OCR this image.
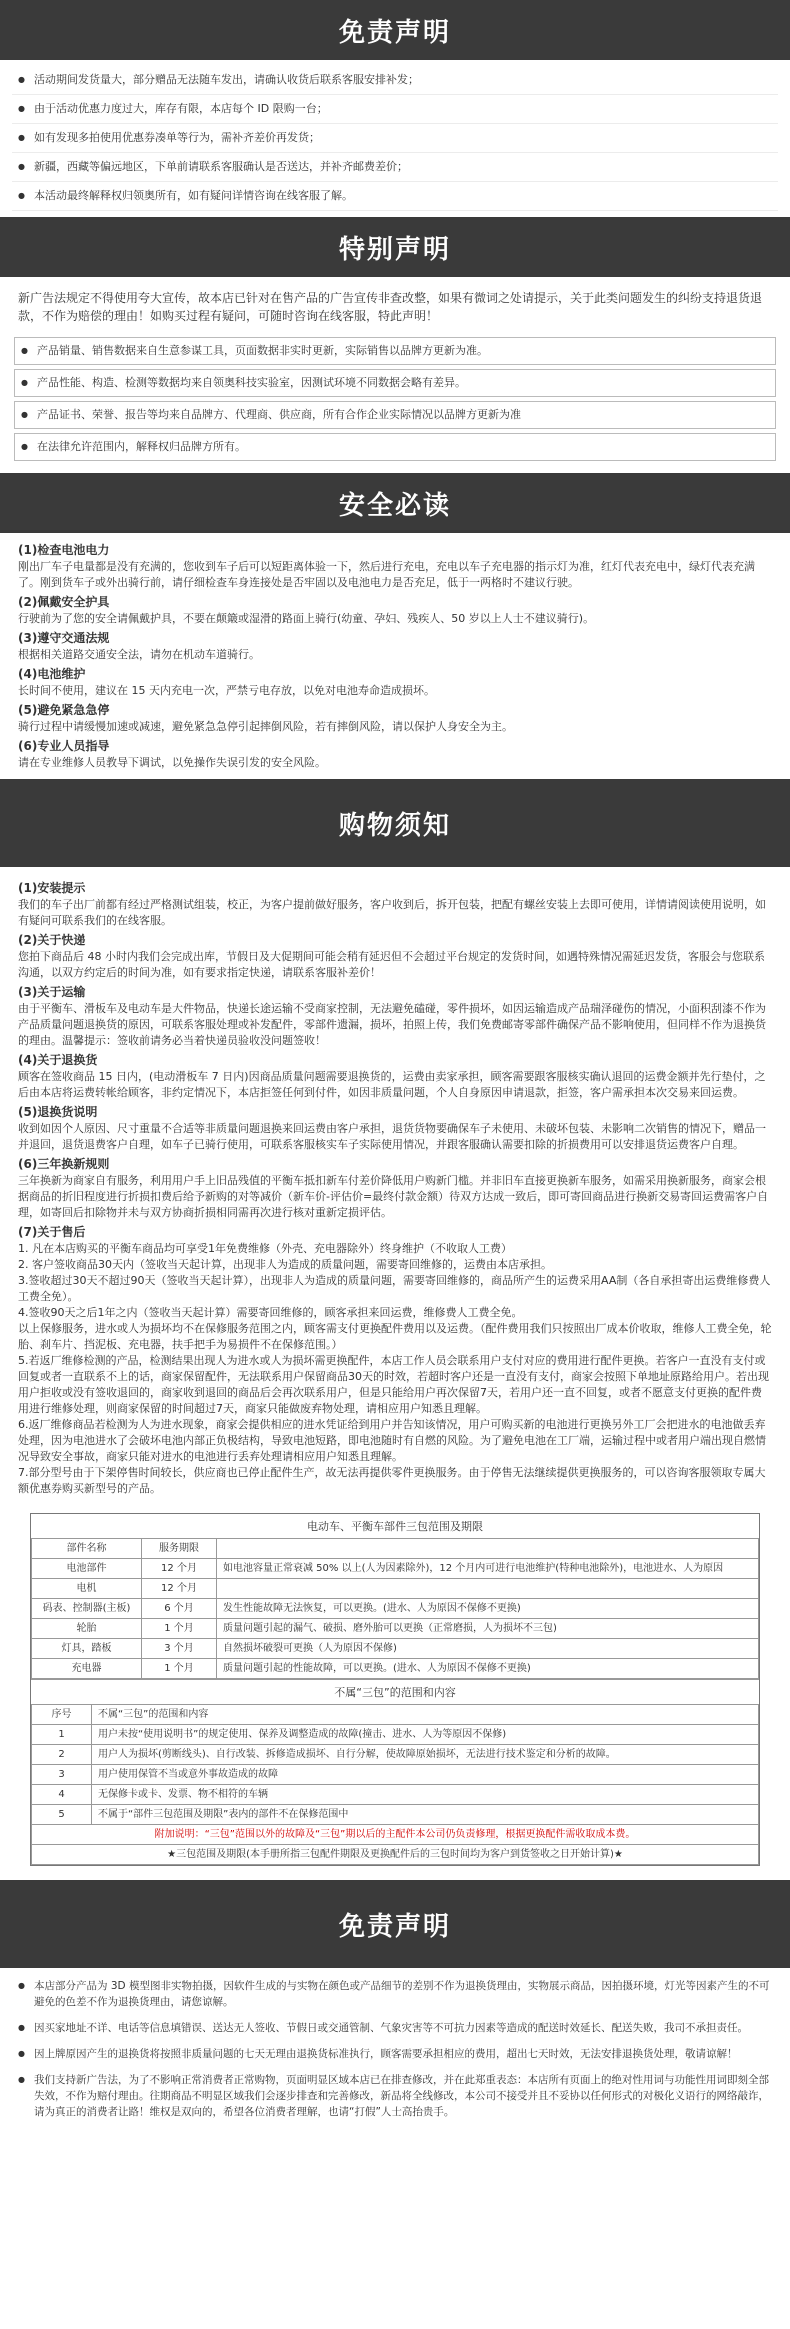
免责声明
● 活动期间发货量大，部分赠品无法随车发出，请确认收货后联系客服安排补发；
● 由于活动优惠力度过大，库存有限，本店每个 ID 限购一台；
● 如有发现多拍使用优惠券凑单等行为，需补齐差价再发货；
● 新疆，西藏等偏远地区，下单前请联系客服确认是否送达，并补齐邮费差价；
● 本活动最终解释权归领奥所有，如有疑问详情咨询在线客服了解。
特别声明
新广告法规定不得使用夸大宣传，故本店已针对在售产品的广告宣传非查改整，如果有微词之处请提示，关于此类问题发生的纠纷支持退货退款，不作为赔偿的理由！如购买过程有疑问，可随时咨询在线客服，特此声明！
● 产品销量、销售数据来自生意参谋工具，页面数据非实时更新，实际销售以品牌方更新为准。
● 产品性能、构造、检测等数据均来自领奥科技实验室，因测试环境不同数据会略有差异。
● 产品证书、荣誉、报告等均来自品牌方、代理商、供应商，所有合作企业实际情况以品牌方更新为准
● 在法律允许范围内，解释权归品牌方所有。
安全必读
(1)检查电池电力
刚出厂车子电量都是没有充满的，您收到车子后可以短距离体验一下，然后进行充电，充电以车子充电器的指示灯为准，红灯代表充电中，绿灯代表充满了。刚到货车子或外出骑行前，请仔细检查车身连接处是否牢固以及电池电力是否充足，低于一两格时不建议行驶。
(2)佩戴安全护具
行驶前为了您的安全请佩戴护具，不要在颠簸或湿滑的路面上骑行(幼童、孕妇、残疾人、50 岁以上人士不建议骑行)。
(3)遵守交通法规
根据相关道路交通安全法，请勿在机动车道骑行。
(4)电池维护
长时间不使用，建议在 15 天内充电一次，严禁亏电存放，以免对电池寿命造成损坏。
(5)避免紧急急停
骑行过程中请缓慢加速或减速，避免紧急急停引起摔倒风险，若有摔倒风险，请以保护人身安全为主。
(6)专业人员指导
请在专业维修人员教导下调试，以免操作失误引发的安全风险。
购物须知
(1)安装提示
我们的车子出厂前都有经过严格测试组装，校正，为客户提前做好服务，客户收到后，拆开包装，把配有螺丝安装上去即可使用，详情请阅读使用说明，如有疑问可联系我们的在线客服。
(2)关于快递
您拍下商品后 48 小时内我们会完成出库，节假日及大促期间可能会稍有延迟但不会超过平台规定的发货时间，如遇特殊情况需延迟发货，客服会与您联系沟通，以双方约定后的时间为准，如有要求指定快递，请联系客服补差价！
(3)关于运输
由于平衡车、滑板车及电动车是大件物品，快递长途运输不受商家控制，无法避免磕碰，零件损坏，如因运输造成产品瑞泽碰伤的情况，小面积刮漆不作为产品质量问题退换货的原因，可联系客服处理或补发配件，零部件遗漏，损坏，拍照上传，我们免费邮寄零部件确保产品不影响使用，但同样不作为退换货的理由。温馨提示：签收前请务必当着快递员验收没问题签收！
(4)关于退换货
顾客在签收商品 15 日内，(电动滑板车 7 日内)因商品质量问题需要退换货的，运费由卖家承担，顾客需要跟客服核实确认退回的运费金额并先行垫付，之后由本店将运费转帐给顾客，非约定情况下，本店拒签任何到付件，如因非质量问题，个人自身原因申请退款，拒签，客户需承担本次交易来回运费。
(5)退换货说明
收到如因个人原因、尺寸重量不合适等非质量问题退换来回运费由客户承担，退货货物要确保车子未使用、未破坏包装、未影响二次销售的情况下，赠品一并退回，退货退费客户自理，如车子已骑行使用，可联系客服核实车子实际使用情况，并跟客服确认需要扣除的折损费用可以安排退货运费客户自理。
(6)三年换新规则
三年换新为商家自有服务，利用用户手上旧品残值的平衡车抵扣新车付差价降低用户购新门槛。并非旧车直接更换新车服务，如需采用换新服务，商家会根据商品的折旧程度进行折损扣费后给予新购的对等减价（新车价-评估价=最终付款金额）待双方达成一致后，即可寄回商品进行换新交易寄回运费需客户自理，如寄回后扣除物并未与双方协商折损相同需再次进行核对重新定损评估。
(7)关于售后
1. 凡在本店购买的平衡车商品均可享受1年免费维修（外壳、充电器除外）终身维护（不收取人工费）
2. 客户签收商品30天内（签收当天起计算，出现非人为造成的质量问题，需要寄回维修的，运费由本店承担。
3.签收超过30天不超过90天（签收当天起计算），出现非人为造成的质量问题，需要寄回维修的，商品所产生的运费采用AA制（各自承担寄出运费维修费人工费全免）。
4.签收90天之后1年之内（签收当天起计算）需要寄回维修的，顾客承担来回运费，维修费人工费全免。
以上保修服务，进水或人为损坏均不在保修服务范围之内，顾客需支付更换配件费用以及运费。（配件费用我们只按照出厂成本价收取，维修人工费全免，轮胎、刹车片、挡泥板、充电器，扶手把手为易损件不在保修范围。）
5.若返厂维修检测的产品，检测结果出现人为进水或人为损坏需更换配件，本店工作人员会联系用户支付对应的费用进行配件更换。若客户一直没有支付或回复或者一直联系不上的话，商家保留配件，无法联系用户保留商品30天的时效，若超时客户还是一直没有支付，商家会按照下单地址原路给用户。若出现用户拒收或没有签收退回的，商家收到退回的商品后会再次联系用户，但是只能给用户再次保留7天，若用户还一直不回复，或者不愿意支付更换的配件费用进行维修处理，则商家保留的时间超过7天，商家只能做废弃物处理，请相应用户知悉且理解。
6.返厂维修商品若检测为人为进水现象，商家会提供相应的进水凭证给到用户并告知该情况，用户可购买新的电池进行更换另外工厂会把进水的电池做丢弃处理，因为电池进水了会破坏电池内部正负极结构，导致电池短路，即电池随时有自燃的风险。为了避免电池在工厂端，运输过程中或者用户端出现自燃情况导致安全事故，商家只能对进水的电池进行丢弃处理请相应用户知悉且理解。
7.部分型号由于下架停售时间较长，供应商也已停止配件生产，故无法再提供零件更换服务。由于停售无法继续提供更换服务的，可以咨询客服领取专属大额优惠券购买新型号的产品。
电动车、平衡车部件三包范围及期限
部件名称	服务期限	
电池部件	12 个月	如电池容量正常衰减 50% 以上(人为因素除外)，12 个月内可进行电池维护(特种电池除外)，电池进水、人为原因
电机	12 个月	
码表、控制器(主板)	6 个月	发生性能故障无法恢复，可以更换。(进水、人为原因不保修不更换)
轮胎	1 个月	质量问题引起的漏气、破损、磨外胎可以更换（正常磨损，人为损坏不三包)
灯具，踏板	3 个月	自然损坏破裂可更换（人为原因不保修)
充电器	1 个月	质量问题引起的性能故障，可以更换。(进水、人为原因不保修不更换)
不属“三包”的范围和内容
序号	不属“三包”的范围和内容
1	用户未按“使用说明书”的规定使用、保养及调整造成的故障(撞击、进水、人为等原因不保修)
2	用户人为损坏(剪断线头)、自行改装、拆修造成损坏、自行分解，使故障原始损坏，无法进行技术鉴定和分析的故障。
3	用户使用保管不当或意外事故造成的故障
4	无保修卡或卡、发票、物不相符的车辆
5	不属于“部件三包范围及期限”表内的部件不在保修范围中
附加说明：“三包”范围以外的故障及“三包”期以后的主配件本公司仍负责修理，根据更换配件需收取成本费。	
★三包范围及期限(本手册所指三包配件期限及更换配件后的三包时间均为客户到货签收之日开始计算)★	
免责声明
● 本店部分产品为 3D 模型图非实物拍摄，因软件生成的与实物在颜色或产品细节的差别不作为退换货理由，实物展示商品，因拍摄环境，灯光等因素产生的不可避免的色差不作为退换货理由，请您谅解。
● 因买家地址不详、电话等信息填错误、送达无人签收、节假日或交通管制、气象灾害等不可抗力因素等造成的配送时效延长、配送失败，我司不承担责任。
● 因上牌原因产生的退换货将按照非质量问题的七天无理由退换货标准执行，顾客需要承担相应的费用，超出七天时效，无法安排退换货处理，敬请谅解！
● 我们支持新广告法，为了不影响正常消费者正常购物，页面明显区域本店已在排查修改，并在此郑重表态：本店所有页面上的绝对性用词与功能性用词即刻全部失效，不作为赔付理由。往期商品不明显区域我们会逐步排查和完善修改，新品将全线修改，本公司不接受并且不妥协以任何形式的对极化义语行的网络敲诈，请为真正的消费者让路！维权是双向的，希望各位消费者理解，也请“打假”人士高抬贵手。
